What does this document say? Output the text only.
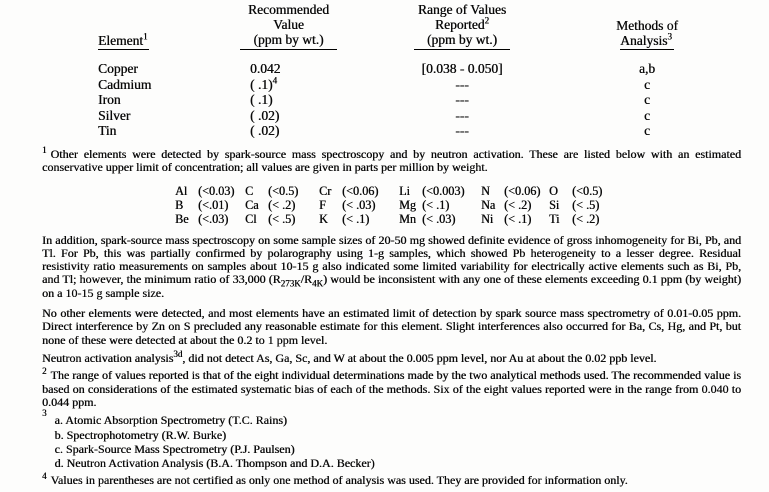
Element$^1$
Recommended
Value
(ppm by wt.)
Range of Values
Reported$^2$
(ppm by wt.)
Methods of
Analysis$^3$
Copper	0.042	[0.038 - 0.050]	a,b
Cadmium	( .1)$^4$	---	c
Iron	( .1)	---	c
Silver	( .02)	---	c
Tin	( .02)	---	c

$^1$ Other elements were detected by spark-source mass spectroscopy and by neutron activation. These are listed below with an estimated conservative upper limit of concentration; all values are given in parts per million by weight.

Al (<0.03) C (<0.5)	Cr (<0.06)	Li (<0.003)	N (<0.06) O (<0.5)
B (<.01)	Ca (< .2)	F (< .03)	Mg (< .1)	Na (< .2)	Si (< .5)
Be (<.03)	Cl (< .5)	K (< .1)	Mn (< .03)	Ni (< .1)	Ti (< .2)

In addition, spark-source mass spectroscopy on some sample sizes of 20-50 mg showed definite evidence of gross inhomogeneity for Bi, Pb, and Tl. For Pb, this was partially confirmed by polarography using 1-g samples, which showed Pb heterogeneity to a lesser degree. Residual resistivity ratio measurements on samples about 10-15 g also indicated some limited variability for electrically active elements such as Bi, Pb, and Tl; however, the minimum ratio of 33,000 $(R_{273K}/R_{4K})$ would be inconsistent with any one of these elements exceeding 0.1 ppm (by weight) on a 10-15 g sample size.

No other elements were detected, and most elements have an estimated limit of detection by spark source mass spectrometry of 0.01-0.05 ppm. Direct interference by Zn on S precluded any reasonable estimate for this element. Slight interferences also occurred for Ba, Cs, Hg, and Pt, but none of these were detected at about the 0.2 to 1 ppm level.

Neutron activation analysis$^{3d}$, did not detect As, Ga, Sc, and W at about the 0.005 ppm level, nor Au at about the 0.02 ppb level.

$^2$ The range of values reported is that of the eight individual determinations made by the two analytical methods used. The recommended value is based on considerations of the estimated systematic bias of each of the methods. Six of the eight values reported were in the range from 0.040 to 0.044 ppm.

3 a. Atomic Absorption Spectrometry (T.C. Rains)
b. Spectrophotometry (R.W. Burke)
c. Spark-Source Mass Spectrometry (P.J. Paulsen)
d. Neutron Activation Analysis (B.A. Thompson and D.A. Becker)

$^4$ Values in parentheses are not certified as only one method of analysis was used. They are provided for information only.
